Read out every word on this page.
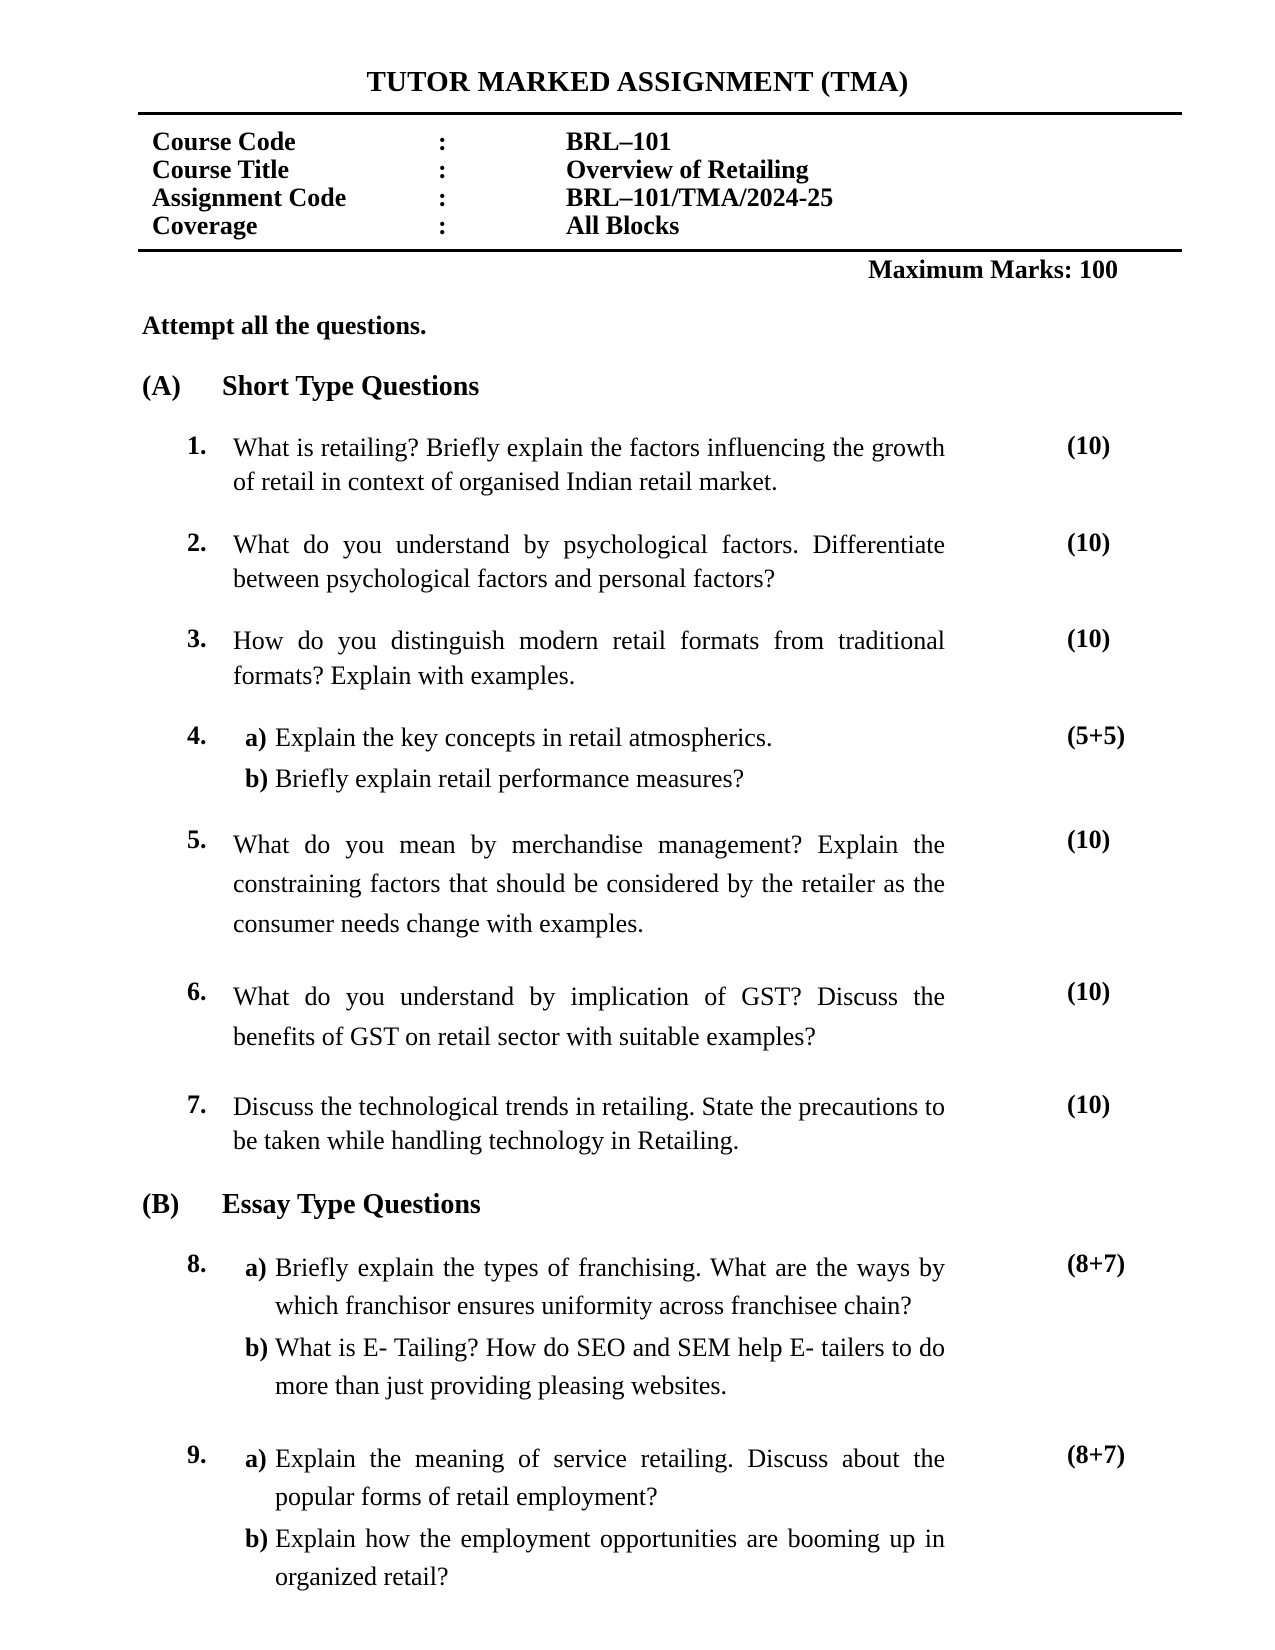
TUTOR MARKED ASSIGNMENT (TMA)
Course Code	:	BRL–101
Course Title	:	Overview of Retailing
Assignment Code	:	BRL–101/TMA/2024-25
Coverage	:	All Blocks
Maximum Marks: 100
Attempt all the questions.
(A)	Short Type Questions
1.	What is retailing? Briefly explain the factors influencing the growth of retail in context of organised Indian retail market.
(10)
2.	What do you understand by psychological factors. Differentiate between psychological factors and personal factors?
(10)
3.	How do you distinguish modern retail formats from traditional formats? Explain with examples.
(10)
4.	a) Explain the key concepts in retail atmospherics.
b) Briefly explain retail performance measures?
(5+5)
5.	What do you mean by merchandise management? Explain the constraining factors that should be considered by the retailer as the consumer needs change with examples.
(10)
6.	What do you understand by implication of GST? Discuss the benefits of GST on retail sector with suitable examples?
(10)
7.	Discuss the technological trends in retailing. State the precautions to be taken while handling technology in Retailing.
(10)
(B)	Essay Type Questions
8.	a) Briefly explain the types of franchising. What are the ways by which franchisor ensures uniformity across franchisee chain?
b) What is E- Tailing? How do SEO and SEM help E- tailers to do more than just providing pleasing websites.
(8+7)
9.	a) Explain the meaning of service retailing. Discuss about the popular forms of retail employment?
b) Explain how the employment opportunities are booming up in organized retail?
(8+7)
